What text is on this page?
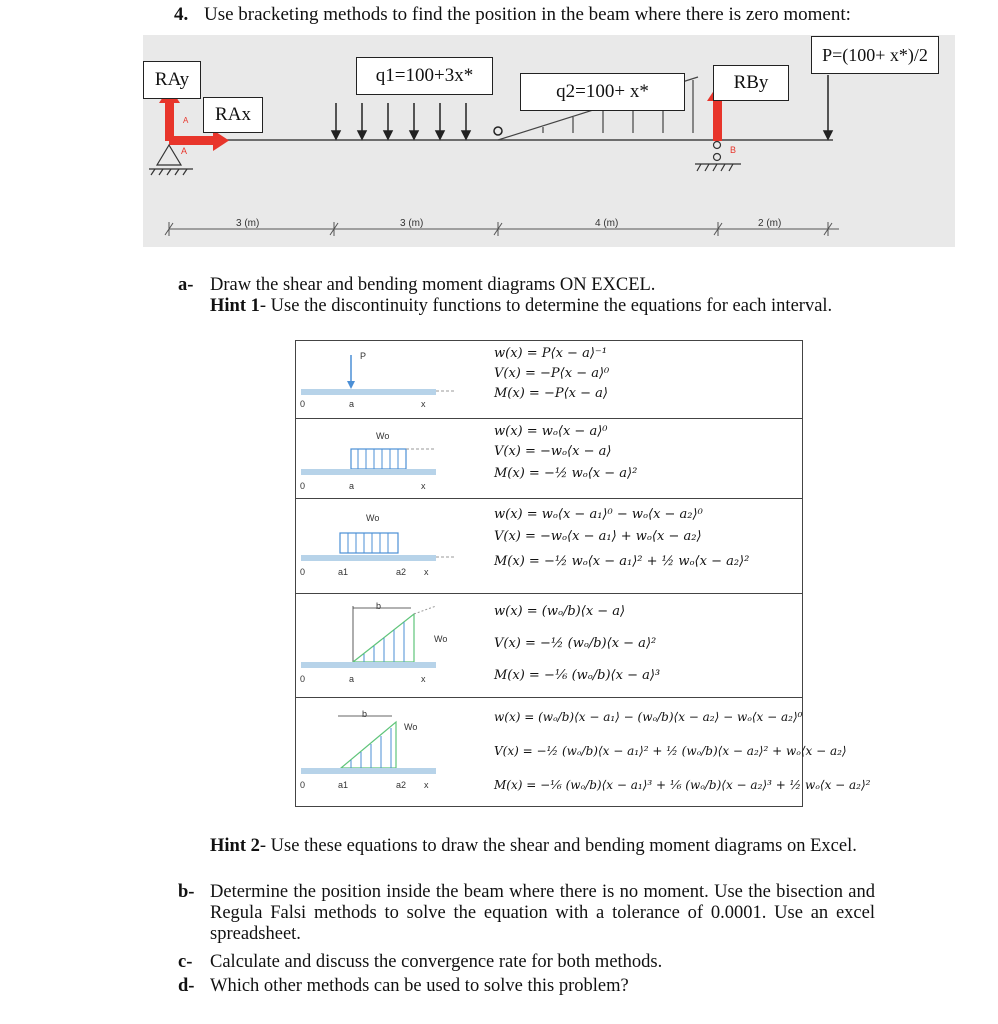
4. Use bracketing methods to find the position in the beam where there is zero moment:
P=(100+ x*)/2
RAy
RAx
q1=100+3x*
q2=100+ x*	RBy
A
A	B
3 (m)	3 (m)	4 (m)	2 (m)
a- Draw the shear and bending moment diagrams ON EXCEL.
Hint 1- Use the discontinuity functions to determine the equations for each interval.
P
0	a	x
w(x) = P⟨x − a⟩⁻¹
V(x) = −P⟨x − a⟩⁰
M(x) = −P⟨x − a⟩
Wo
0	a	x
w(x) = wₒ⟨x − a⟩⁰
V(x) = −wₒ⟨x − a⟩
M(x) = −½ wₒ⟨x − a⟩²
Wo
0	a1	a2 x
w(x) = wₒ⟨x − a₁⟩⁰ − wₒ⟨x − a₂⟩⁰
V(x) = −wₒ⟨x − a₁⟩ + wₒ⟨x − a₂⟩
M(x) = −½ wₒ⟨x − a₁⟩² + ½ wₒ⟨x − a₂⟩²
b
Wo
0	a	x
w(x) = (wₒ/b)⟨x − a⟩
V(x) = −½ (wₒ/b)⟨x − a⟩²
M(x) = −⅙ (wₒ/b)⟨x − a⟩³
b
Wo
0	a1	a2 x
w(x) = (wₒ/b)⟨x − a₁⟩ − (wₒ/b)⟨x − a₂⟩ − wₒ⟨x − a₂⟩⁰
V(x) = −½ (wₒ/b)⟨x − a₁⟩² + ½ (wₒ/b)⟨x − a₂⟩² + wₒ⟨x − a₂⟩
M(x) = −⅙ (wₒ/b)⟨x − a₁⟩³ + ⅙ (wₒ/b)⟨x − a₂⟩³ + ½ wₒ⟨x − a₂⟩²
Hint 2- Use these equations to draw the shear and bending moment diagrams on Excel.
b- Determine the position inside the beam where there is no moment. Use the bisection and Regula Falsi methods to solve the equation with a tolerance of 0.0001. Use an excel spreadsheet.
c- Calculate and discuss the convergence rate for both methods.
d- Which other methods can be used to solve this problem?
